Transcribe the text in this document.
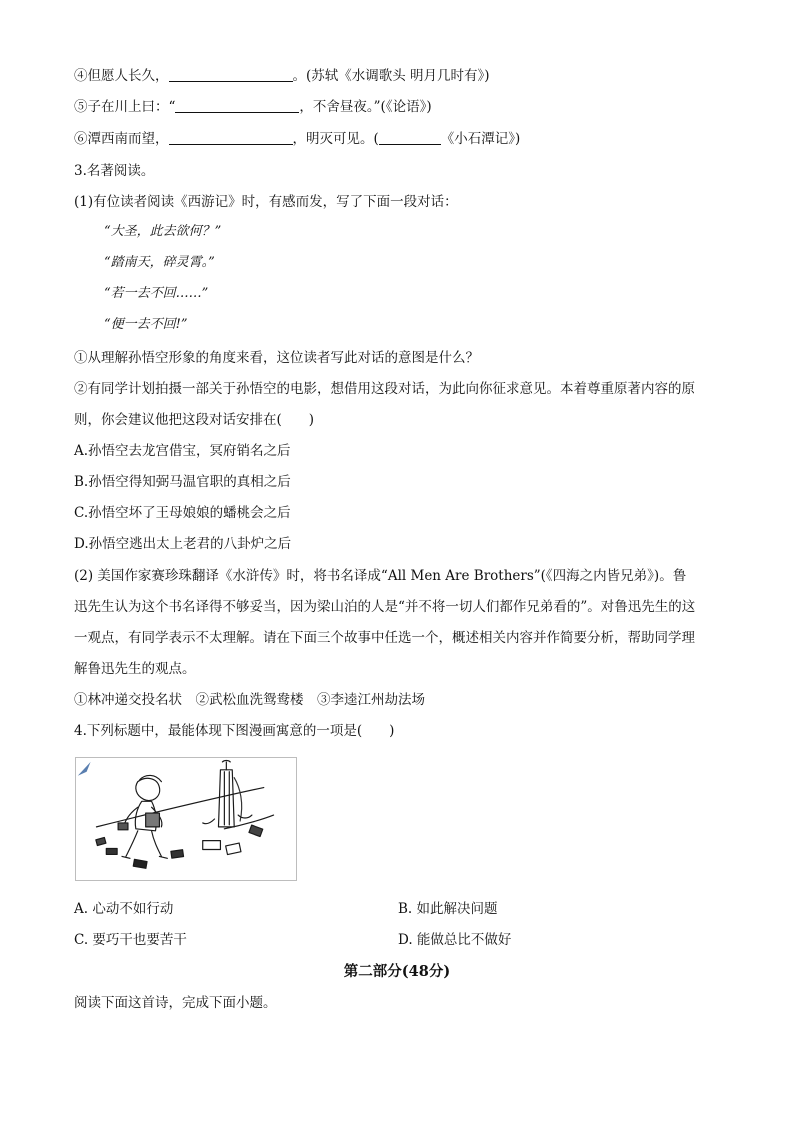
④但愿人长久，	。(苏轼《水调歌头 明月几时有》)
⑤子在川上曰：“	，不舍昼夜。”(《论语》)
⑥潭西南而望，	，明灭可见。(	《小石潭记》)
3.名著阅读。
(1)有位读者阅读《西游记》时，有感而发，写了下面一段对话：
“大圣，此去欲何？”
“踏南天，碎灵霄。”
“若一去不回……”
“便一去不回!”
①从理解孙悟空形象的角度来看，这位读者写此对话的意图是什么？
②有同学计划拍摄一部关于孙悟空的电影，想借用这段对话，为此向你征求意见。本着尊重原著内容的原
则，你会建议他把这段对话安排在(　　)
A.孙悟空去龙宫借宝，冥府销名之后
B.孙悟空得知弼马温官职的真相之后
C.孙悟空坏了王母娘娘的蟠桃会之后
D.孙悟空逃出太上老君的八卦炉之后
(2) 美国作家赛珍珠翻译《水浒传》时，将书名译成“All Men Are Brothers”(《四海之内皆兄弟》)。鲁
迅先生认为这个书名译得不够妥当，因为梁山泊的人是“并不将一切人们都作兄弟看的”。对鲁迅先生的这
一观点，有同学表示不太理解。请在下面三个故事中任选一个，概述相关内容并作简要分析，帮助同学理
解鲁迅先生的观点。
①林冲递交投名状　②武松血洗鸳鸯楼　③李逵江州劫法场
4.下列标题中，最能体现下图漫画寓意的一项是(　　)
A. 心动不如行动	B. 如此解决问题
C. 要巧干也要苦干	D. 能做总比不做好
第二部分(48分)
阅读下面这首诗，完成下面小题。
